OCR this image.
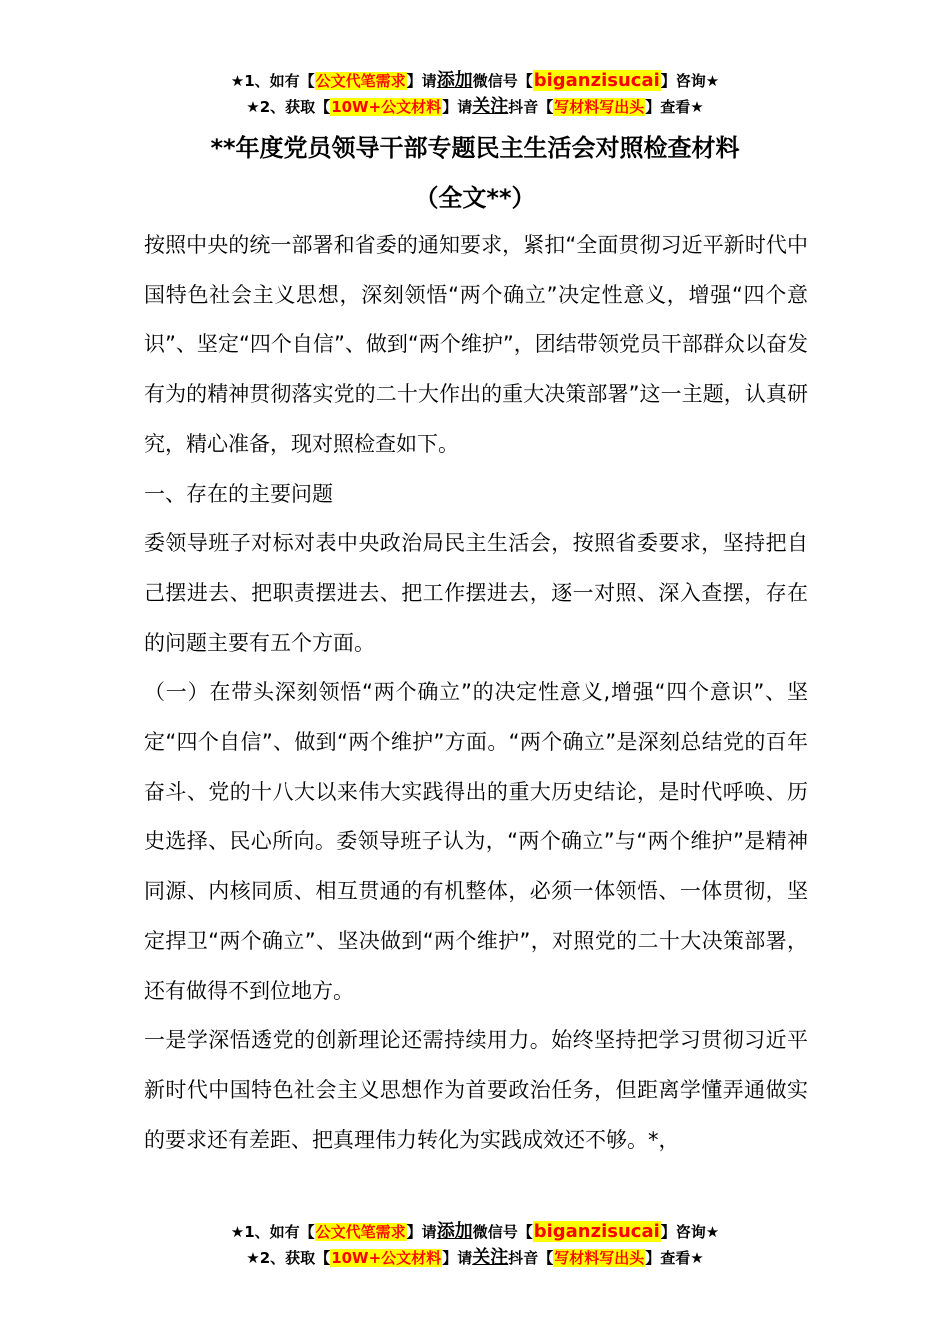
★1、如有【公文代笔需求】请添加微信号【biganzisucai】咨询★
★2、获取【10W+公文材料】请关注抖音【写材料写出头】查看★
**年度党员领导干部专题民主生活会对照检查材料
（全文**）

按照中央的统一部署和省委的通知要求，紧扣“全面贯彻习近平新时代中国特色社会主义思想，深刻领悟“两个确立”决定性意义，增强“四个意识”、坚定“四个自信”、做到“两个维护”，团结带领党员干部群众以奋发有为的精神贯彻落实党的二十大作出的重大决策部署”这一主题，认真研究，精心准备，现对照检查如下。

一、存在的主要问题

委领导班子对标对表中央政治局民主生活会，按照省委要求，坚持把自己摆进去、把职责摆进去、把工作摆进去，逐一对照、深入查摆，存在的问题主要有五个方面。

（一）在带头深刻领悟“两个确立”的决定性意义,增强“四个意识”、坚定“四个自信”、做到“两个维护”方面。“两个确立”是深刻总结党的百年奋斗、党的十八大以来伟大实践得出的重大历史结论，是时代呼唤、历史选择、民心所向。委领导班子认为，“两个确立”与“两个维护”是精神同源、内核同质、相互贯通的有机整体，必须一体领悟、一体贯彻，坚定捍卫“两个确立”、坚决做到“两个维护”，对照党的二十大决策部署，还有做得不到位地方。

一是学深悟透党的创新理论还需持续用力。始终坚持把学习贯彻习近平新时代中国特色社会主义思想作为首要政治任务，但距离学懂弄通做实的要求还有差距、把真理伟力转化为实践成效还不够。*，

★1、如有【公文代笔需求】请添加微信号【biganzisucai】咨询★
★2、获取【10W+公文材料】请关注抖音【写材料写出头】查看★
